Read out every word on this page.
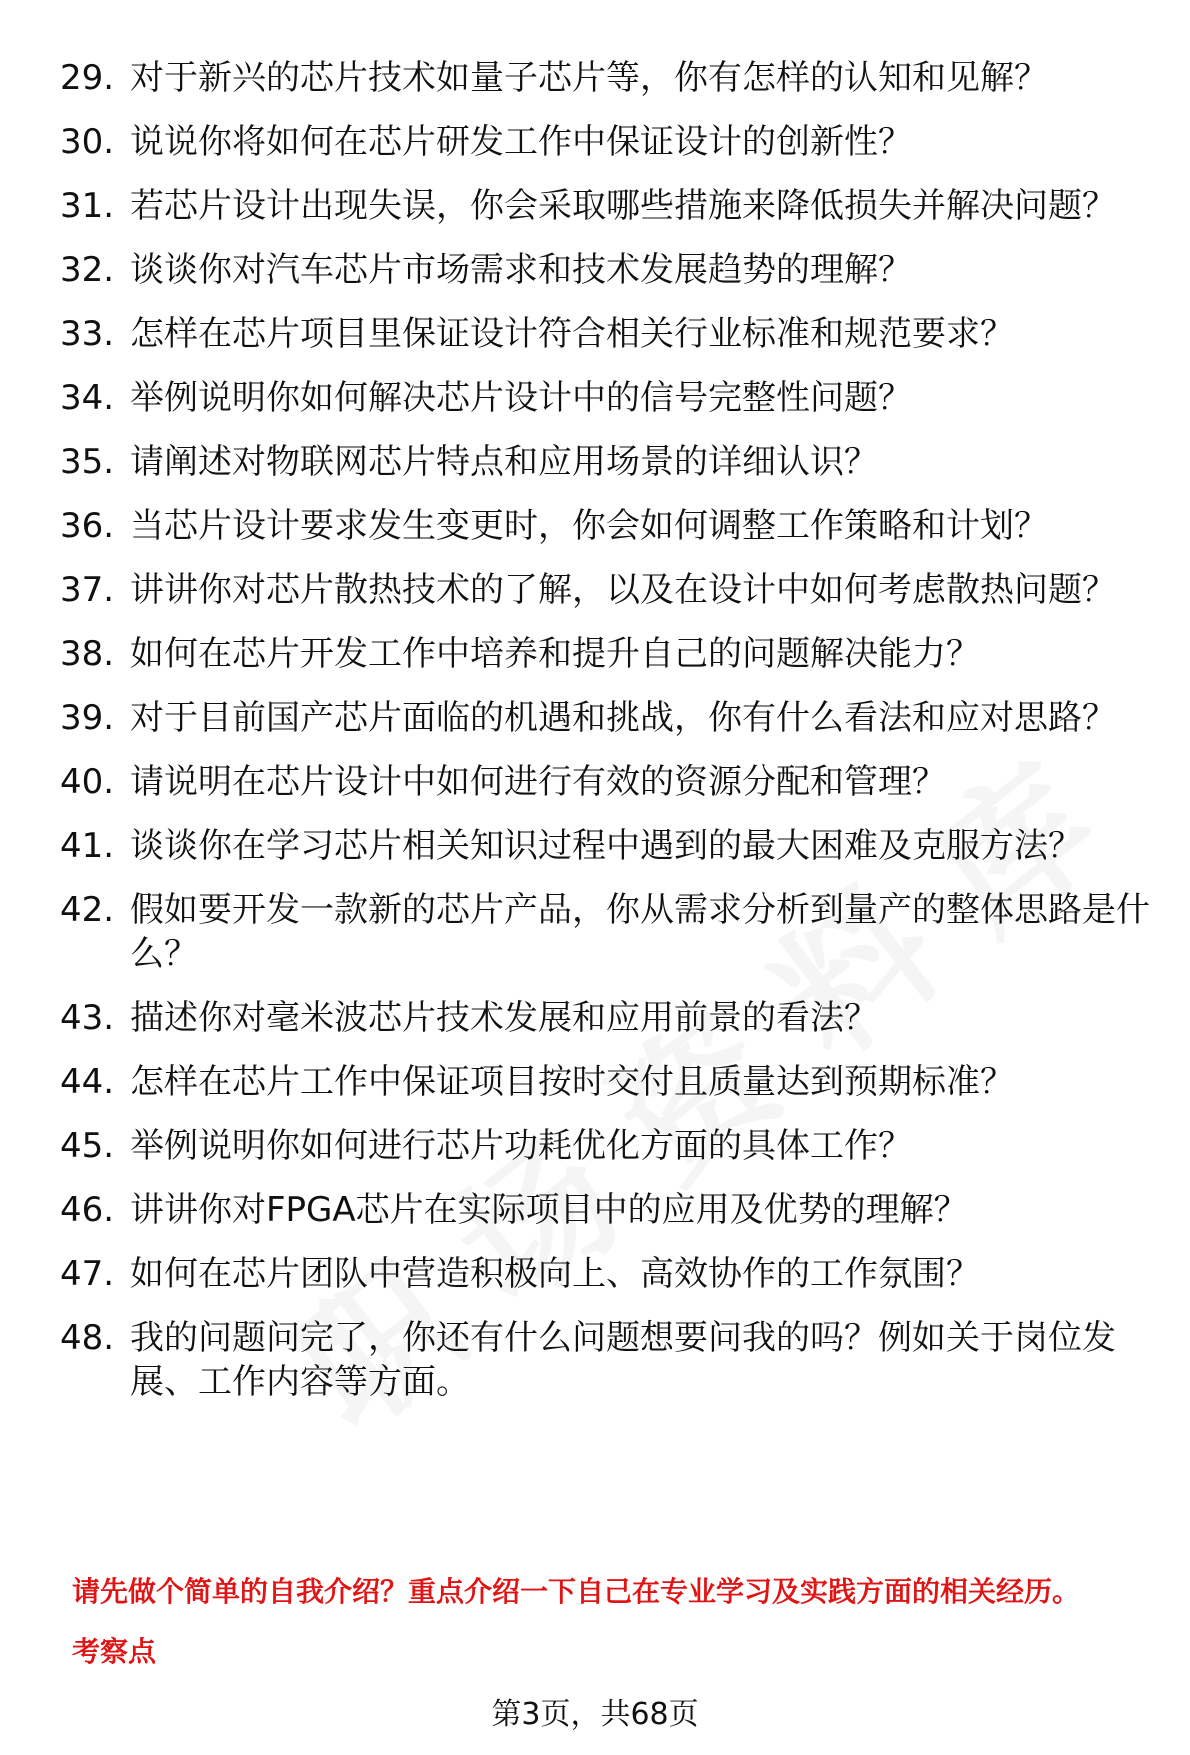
29. 对于新兴的芯片技术如量子芯片等，你有怎样的认知和见解？
30. 说说你将如何在芯片研发工作中保证设计的创新性？
31. 若芯片设计出现失误，你会采取哪些措施来降低损失并解决问题？
32. 谈谈你对汽车芯片市场需求和技术发展趋势的理解？
33. 怎样在芯片项目里保证设计符合相关行业标准和规范要求？
34. 举例说明你如何解决芯片设计中的信号完整性问题？
35. 请阐述对物联网芯片特点和应用场景的详细认识？
36. 当芯片设计要求发生变更时，你会如何调整工作策略和计划？
37. 讲讲你对芯片散热技术的了解，以及在设计中如何考虑散热问题？
38. 如何在芯片开发工作中培养和提升自己的问题解决能力？
39. 对于目前国产芯片面临的机遇和挑战，你有什么看法和应对思路？
40. 请说明在芯片设计中如何进行有效的资源分配和管理？
41. 谈谈你在学习芯片相关知识过程中遇到的最大困难及克服方法？
42. 假如要开发一款新的芯片产品，你从需求分析到量产的整体思路是什么？
43. 描述你对毫米波芯片技术发展和应用前景的看法？
44. 怎样在芯片工作中保证项目按时交付且质量达到预期标准？
45. 举例说明你如何进行芯片功耗优化方面的具体工作？
46. 讲讲你对FPGA芯片在实际项目中的应用及优势的理解？
47. 如何在芯片团队中营造积极向上、高效协作的工作氛围？
48. 我的问题问完了，你还有什么问题想要问我的吗？例如关于岗位发展、工作内容等方面。
请先做个简单的自我介绍？重点介绍一下自己在专业学习及实践方面的相关经历。
考察点
第3页，共68页
